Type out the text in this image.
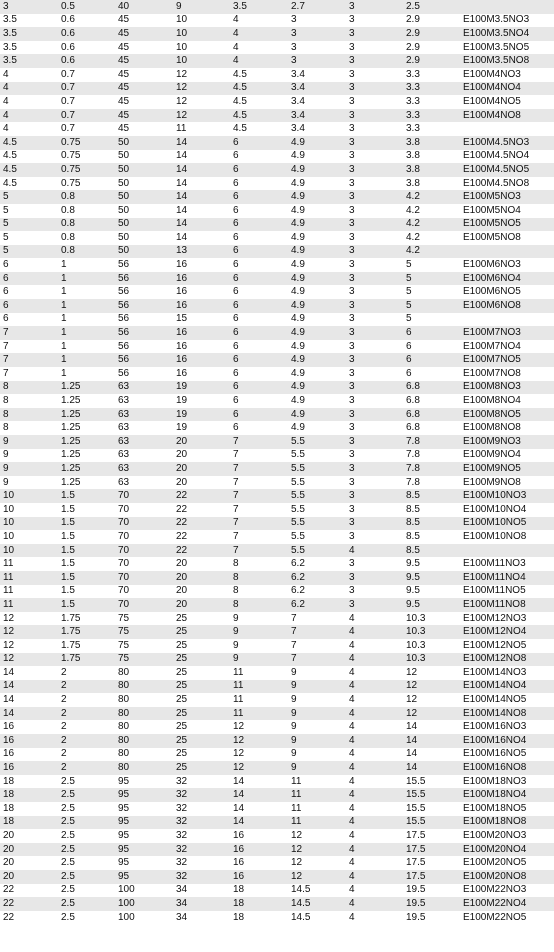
3	0.5	40	9	3.5	2.7	3	2.5	
3.5	0.6	45	10	4	3	3	2.9	E100M3.5NO3
3.5	0.6	45	10	4	3	3	2.9	E100M3.5NO4
3.5	0.6	45	10	4	3	3	2.9	E100M3.5NO5
3.5	0.6	45	10	4	3	3	2.9	E100M3.5NO8
4	0.7	45	12	4.5	3.4	3	3.3	E100M4NO3
4	0.7	45	12	4.5	3.4	3	3.3	E100M4NO4
4	0.7	45	12	4.5	3.4	3	3.3	E100M4NO5
4	0.7	45	12	4.5	3.4	3	3.3	E100M4NO8
4	0.7	45	11	4.5	3.4	3	3.3	
4.5	0.75	50	14	6	4.9	3	3.8	E100M4.5NO3
4.5	0.75	50	14	6	4.9	3	3.8	E100M4.5NO4
4.5	0.75	50	14	6	4.9	3	3.8	E100M4.5NO5
4.5	0.75	50	14	6	4.9	3	3.8	E100M4.5NO8
5	0.8	50	14	6	4.9	3	4.2	E100M5NO3
5	0.8	50	14	6	4.9	3	4.2	E100M5NO4
5	0.8	50	14	6	4.9	3	4.2	E100M5NO5
5	0.8	50	14	6	4.9	3	4.2	E100M5NO8
5	0.8	50	13	6	4.9	3	4.2	
6	1	56	16	6	4.9	3	5	E100M6NO3
6	1	56	16	6	4.9	3	5	E100M6NO4
6	1	56	16	6	4.9	3	5	E100M6NO5
6	1	56	16	6	4.9	3	5	E100M6NO8
6	1	56	15	6	4.9	3	5	
7	1	56	16	6	4.9	3	6	E100M7NO3
7	1	56	16	6	4.9	3	6	E100M7NO4
7	1	56	16	6	4.9	3	6	E100M7NO5
7	1	56	16	6	4.9	3	6	E100M7NO8
8	1.25	63	19	6	4.9	3	6.8	E100M8NO3
8	1.25	63	19	6	4.9	3	6.8	E100M8NO4
8	1.25	63	19	6	4.9	3	6.8	E100M8NO5
8	1.25	63	19	6	4.9	3	6.8	E100M8NO8
9	1.25	63	20	7	5.5	3	7.8	E100M9NO3
9	1.25	63	20	7	5.5	3	7.8	E100M9NO4
9	1.25	63	20	7	5.5	3	7.8	E100M9NO5
9	1.25	63	20	7	5.5	3	7.8	E100M9NO8
10	1.5	70	22	7	5.5	3	8.5	E100M10NO3
10	1.5	70	22	7	5.5	3	8.5	E100M10NO4
10	1.5	70	22	7	5.5	3	8.5	E100M10NO5
10	1.5	70	22	7	5.5	3	8.5	E100M10NO8
10	1.5	70	22	7	5.5	4	8.5	
11	1.5	70	20	8	6.2	3	9.5	E100M11NO3
11	1.5	70	20	8	6.2	3	9.5	E100M11NO4
11	1.5	70	20	8	6.2	3	9.5	E100M11NO5
11	1.5	70	20	8	6.2	3	9.5	E100M11NO8
12	1.75	75	25	9	7	4	10.3	E100M12NO3
12	1.75	75	25	9	7	4	10.3	E100M12NO4
12	1.75	75	25	9	7	4	10.3	E100M12NO5
12	1.75	75	25	9	7	4	10.3	E100M12NO8
14	2	80	25	11	9	4	12	E100M14NO3
14	2	80	25	11	9	4	12	E100M14NO4
14	2	80	25	11	9	4	12	E100M14NO5
14	2	80	25	11	9	4	12	E100M14NO8
16	2	80	25	12	9	4	14	E100M16NO3
16	2	80	25	12	9	4	14	E100M16NO4
16	2	80	25	12	9	4	14	E100M16NO5
16	2	80	25	12	9	4	14	E100M16NO8
18	2.5	95	32	14	11	4	15.5	E100M18NO3
18	2.5	95	32	14	11	4	15.5	E100M18NO4
18	2.5	95	32	14	11	4	15.5	E100M18NO5
18	2.5	95	32	14	11	4	15.5	E100M18NO8
20	2.5	95	32	16	12	4	17.5	E100M20NO3
20	2.5	95	32	16	12	4	17.5	E100M20NO4
20	2.5	95	32	16	12	4	17.5	E100M20NO5
20	2.5	95	32	16	12	4	17.5	E100M20NO8
22	2.5	100	34	18	14.5	4	19.5	E100M22NO3
22	2.5	100	34	18	14.5	4	19.5	E100M22NO4
22	2.5	100	34	18	14.5	4	19.5	E100M22NO5
